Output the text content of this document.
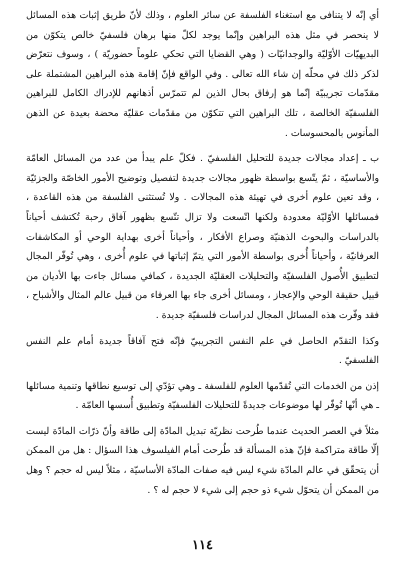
أي إنّه لا يتنافى مع استغناء الفلسفة عن سائر العلوم ، وذلك لأنّ طريق إثبات هذه المسائل لا ينحصر في مثل هذه البراهين وإنّما يوجد لكلّ منها برهان فلسفيّ خالص يتكوّن من البديهيّات الأوّليّة والوجدانيّات ( وهي القضايا التي تحكي علوماً حضوريّة ) ، وسوف نتعرّض لذكر ذلك في محلّه إن شاء الله تعالى . وفي الواقع فإنّ إقامة هذه البراهين المشتملة على مقدّمات تجريبيّة إنّما هو إرفاق بحال الذين لم تتمرّس أذهانهم للإدراك الكامل للبراهين الفلسفيّة الخالصة ، تلك البراهين التي تتكوّن من مقدّمات عقليّة محضة بعيدة عن الذهن المأنوس بالمحسوسات .

ب ـ إعداد مجالات جديدة للتحليل الفلسفيّ . فكلّ علم يبدأ من عدد من المسائل العامّة والأساسيّة ، ثمّ يتّسع بواسطة ظهور مجالات جديدة لتفصيل وتوضيح الأمور الخاصّة والجزئيّة ، وقد تعين علوم أخرى في تهيئة هذه المجالات . ولا تُستثنى الفلسفة من هذه القاعدة ، فمسائلها الأوّليّة معدودة ولكنها اتّسعت ولا تزال تتّسع بظهور آفاق رحبة تُكتشف أحياناً بالدراسات والبحوث الذهنيّة وصراع الأفكار ، وأحياناً أخرى بهداية الوحي أو المكاشفات العرفانيّة ، وأحياناً أُخرى بواسطة الأمور التي يتمّ إثباتها في علوم أُخرى ، وهي تُوفّر المجال لتطبيق الأُصول الفلسفيّة والتحليلات العقليّة الجديدة ، كمافي مسائل جاءت بها الأديان من قبيل حقيقة الوحي والإعجاز ، ومسائل أخرى جاء بها العرفاء من قبيل عالم المثال والأشباح ، فقد وفّرت هذه المسائل المجال لدراسات فلسفيّة جديدة .

وكذا التقدّم الحاصل في علم النفس التجريبيّ فإنّه فتح آفاقاً جديدة أمام علم النفس الفلسفيّ .

إذن من الخدمات التي تُقدّمها العلوم للفلسفة ـ وهي تؤدّي إلى توسيع نطاقها وتنمية مسائلها ـ هي أنّها تُوفّر لها موضوعات جديدةً للتحليلات الفلسفيّة وتطبيق أُسسها العامّة .

مثلاً في العصر الحديث عندما طُرحت نظريّة تبديل المادّة إلى طاقة وأنّ ذرّات المادّة ليست إلّا طاقة متراكمة فإنّ هذه المسألة قد طُرحت أمام الفيلسوف هذا السؤال : هل من الممكن أن يتحقّق في عالم المادّة شيء ليس فيه صفات المادّة الأساسيّة ، مثلاً ليس له حجم ؟ وهل من الممكن أن يتحوّل شيء ذو حجم إلى شيء لا حجم له ؟ .

١١٤
